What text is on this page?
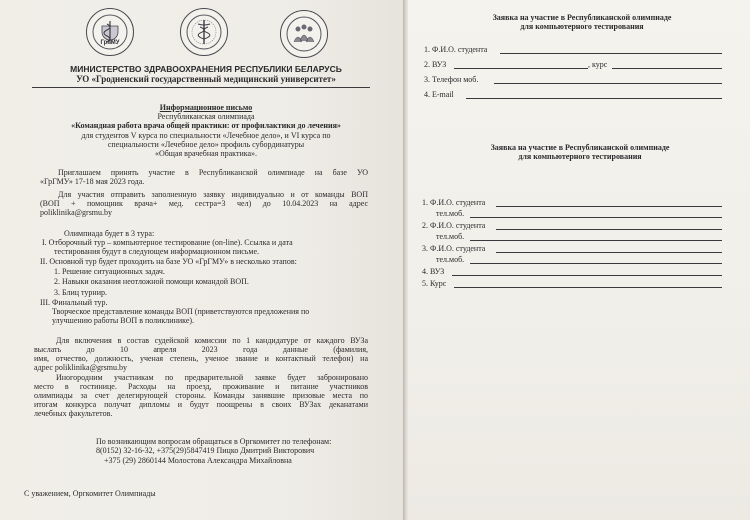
ГрГМУ
МИНИСТЕРСТВО ЗДРАВООХРАНЕНИЯ РЕСПУБЛИКИ БЕЛАРУСЬ
УО «Гродненский государственный медицинский университет»
Информационное письмо
Республиканская олимпиада
«Командная работа врача общей практики: от профилактики до лечения»
для студентов V курса по специальности «Лечебное дело», и VI курса по
специальности «Лечебное дело» профиль субординатуры
«Общая врачебная практика».
Приглашаем принять участие в Республиканской олимпиаде на базе УО
«ГрГМУ» 17-18 мая 2023 года.
Для участия отправить заполненную заявку индивидуально и от команды ВОП
(ВОП + помощник врача+ мед. сестра=3 чел) до 10.04.2023 на адрес
poliklinika@grsmu.by
Олимпиада будет в 3 тура:
I. Отборочный тур – компьютерное тестирование (on-line). Ссылка и дата
тестирования будут в следующем информационном письме.
II. Основной тур будет проходить на базе УО «ГрГМУ» в несколько этапов:
1. Решение ситуационных задач.
2. Навыки оказания неотложной помощи командой ВОП.
3. Блиц турнир.
III. Финальный тур.
Творческое представление команды ВОП (приветствуются предложения по
улучшению работы ВОП в поликлинике).
Для включения в состав судейской комиссии по 1 кандидатуре от каждого ВУЗа
выслать до 10 апреля 2023 года данные (фамилия,
имя, отчество, должность, ученая степень, ученое звание и контактный телефон) на
адрес poliklinika@grsmu.by
Иногородним участникам по предварительной заявке будет забронировано
место в гостинице. Расходы на проезд, проживание и питание участников
олимпиады за счет делегирующей стороны. Команды занявшие призовые места по
итогам конкурса получат дипломы и будут поощрены в своих ВУЗах деканатами
лечебных факультетов.
По возникающим вопросам обращаться в Оргкомитет по телефонам:
8(0152) 32-16-32, +375(29)5847419 Пицко Дмитрий Викторович
+375 (29) 2860144 Молостова Александра Михайловна
С уважением, Оргкомитет Олимпиады
Заявка на участие в Республиканской олимпиаде
для компьютерного тестирования
1. Ф.И.О. студента
2. ВУЗ	, курс
3. Телефон моб.
4. E-mail
Заявка на участие в Республиканской олимпиаде
для компьютерного тестирования
1. Ф.И.О. студента
тел.моб.
2. Ф.И.О. студента
тел.моб.
3. Ф.И.О. студента
тел.моб.
4. ВУЗ
5. Курс
